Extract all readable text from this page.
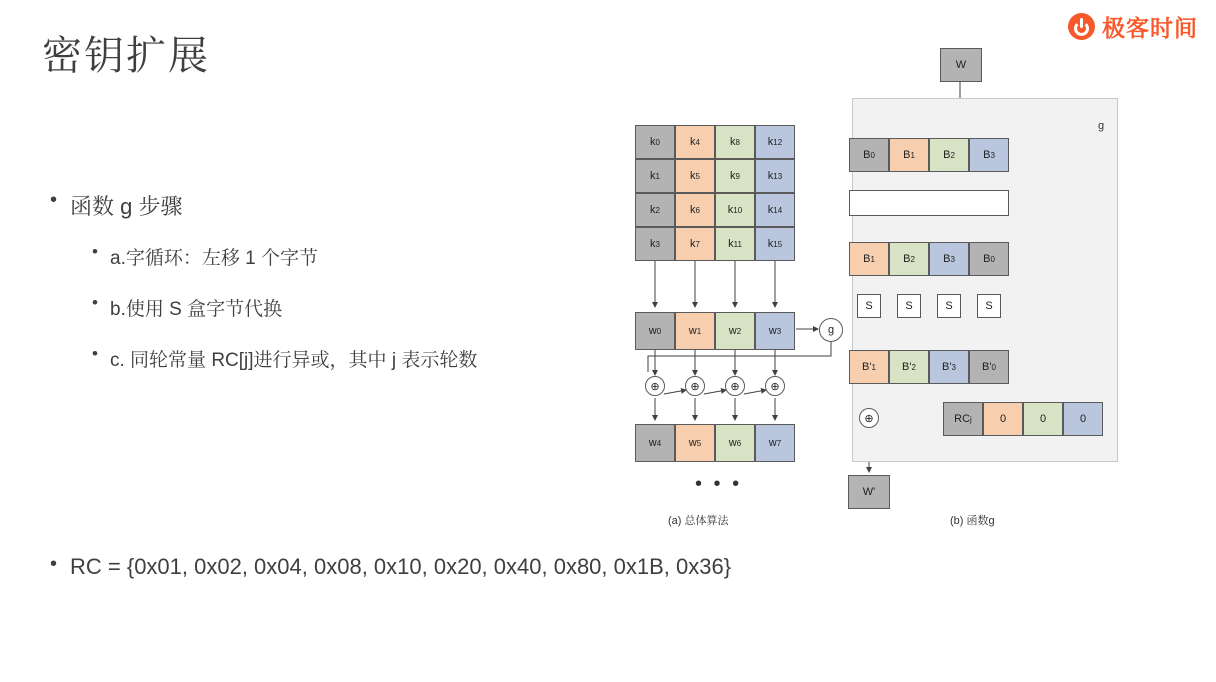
极客时间
密钥扩展
• 函数 g 步骤
• a.字循环：左移 1 个字节
• b.使用 S 盒字节代换
• c. 同轮常量 RC[j]进行异或，其中 j 表示轮数
• RC = {0x01, 0x02, 0x04, 0x08, 0x10, 0x20, 0x40, 0x80, 0x1B, 0x36}
k 0	k 4	k 8	k 12
k 1	k 5	k 9	k 13
k 2	k 6	k 10	k 14
k 3	k 7	k 11	k 15
w 0	w 1	w 2	w 3	g
⊕	⊕	⊕	⊕
w 4	w 5	w 6	w 7
• • •
(a) 总体算法
W
g
B 0	B 1	B 2	B 3
B 1	B 2	B 3	B 0
S	S	S	S
B' 1	B' 2	B' 3	B' 0
⊕	RC j	0	0	0
W'
(b) 函数g
